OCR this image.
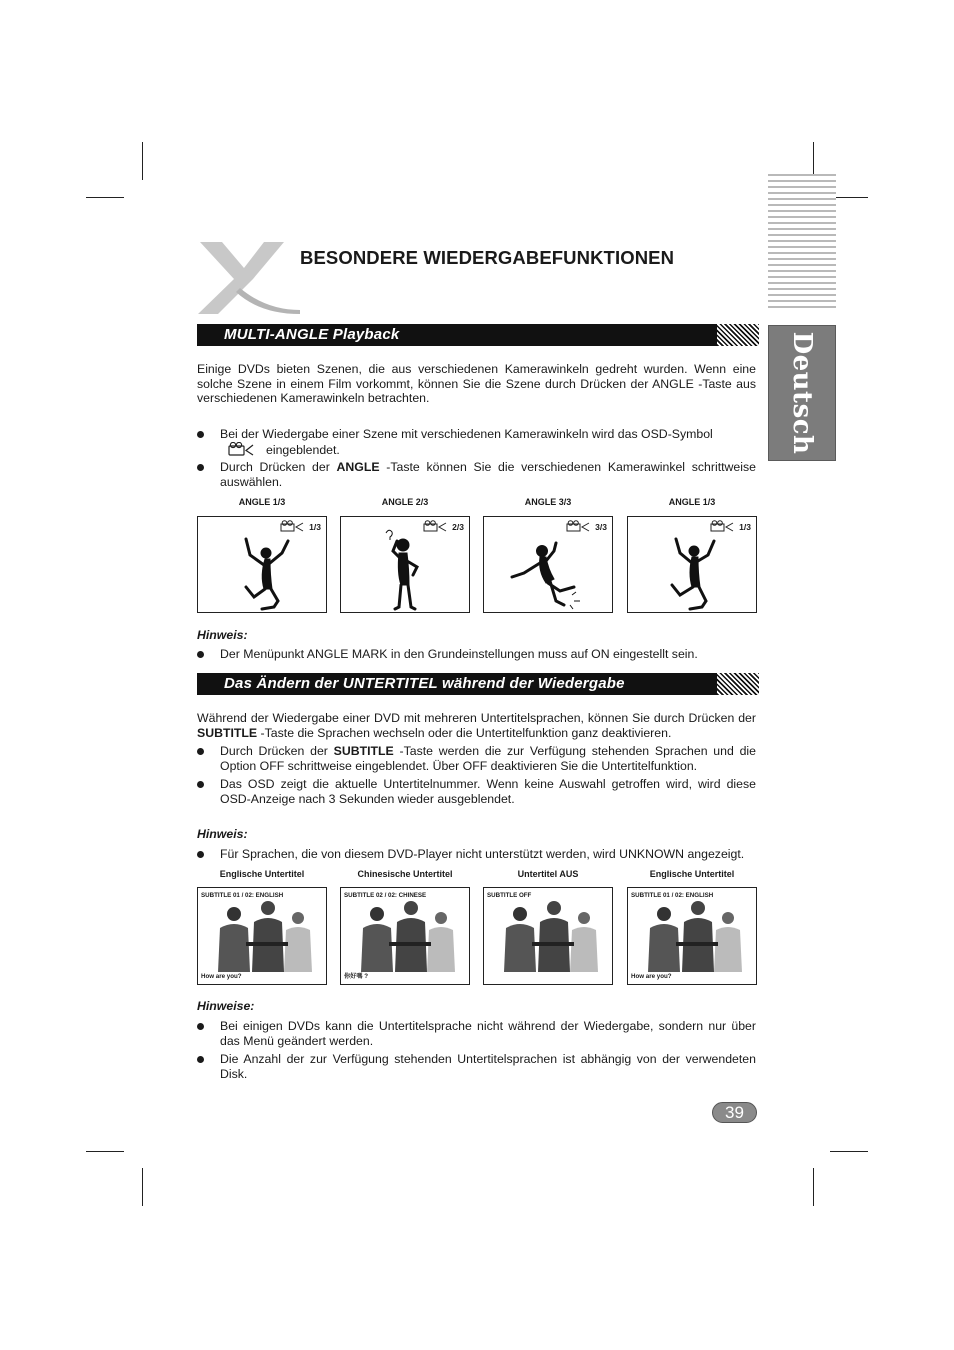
Deutsch
BESONDERE WIEDERGABEFUNKTIONEN
MULTI-ANGLE Playback
Einige DVDs bieten Szenen, die aus verschiedenen Kamerawinkeln gedreht wurden. Wenn eine solche Szene in einem Film vorkommt, können Sie die Szene durch Drücken der ANGLE -Taste aus verschiedenen Kamerawinkeln betrachten.
Bei der Wiedergabe einer Szene mit verschiedenen Kamerawinkeln wird das OSD-Symbol
eingeblendet.
Durch Drücken der ANGLE -Taste können Sie die verschiedenen Kamerawinkel schrittweise auswählen.
ANGLE 1/3	ANGLE 2/3	ANGLE 3/3	ANGLE 1/3
1/3	2/3	3/3	1/3
Hinweis:
Der Menüpunkt ANGLE MARK in den Grundeinstellungen muss auf ON eingestellt sein.
Das Ändern der UNTERTITEL während der Wiedergabe
Während der Wiedergabe einer DVD mit mehreren Untertitelsprachen, können Sie durch Drücken der SUBTITLE -Taste die Sprachen wechseln oder die Untertitelfunktion ganz deaktivieren.
Durch Drücken der SUBTITLE -Taste werden die zur Verfügung stehenden Sprachen und die Option OFF schrittweise eingeblendet. Über OFF deaktivieren Sie die Untertitelfunktion.
Das OSD zeigt die aktuelle Untertitelnummer. Wenn keine Auswahl getroffen wird, wird diese OSD-Anzeige nach 3 Sekunden wieder ausgeblendet.
Hinweis:
Für Sprachen, die von diesem DVD-Player nicht unterstützt werden, wird UNKNOWN angezeigt.
Englische Untertitel	Chinesische Untertitel	Untertitel AUS	Englische Untertitel
SUBTITLE 01 / 02: ENGLISH
How are you?
SUBTITLE 02 / 02: CHINESE
你好嗎 ?
SUBTITLE OFF	SUBTITLE 01 / 02: ENGLISH
How are you?
Hinweise:
Bei einigen DVDs kann die Untertitelsprache nicht während der Wiedergabe, sondern nur über das Menü geändert werden.
Die Anzahl der zur Verfügung stehenden Untertitelsprachen ist abhängig von der verwendeten Disk.
39
